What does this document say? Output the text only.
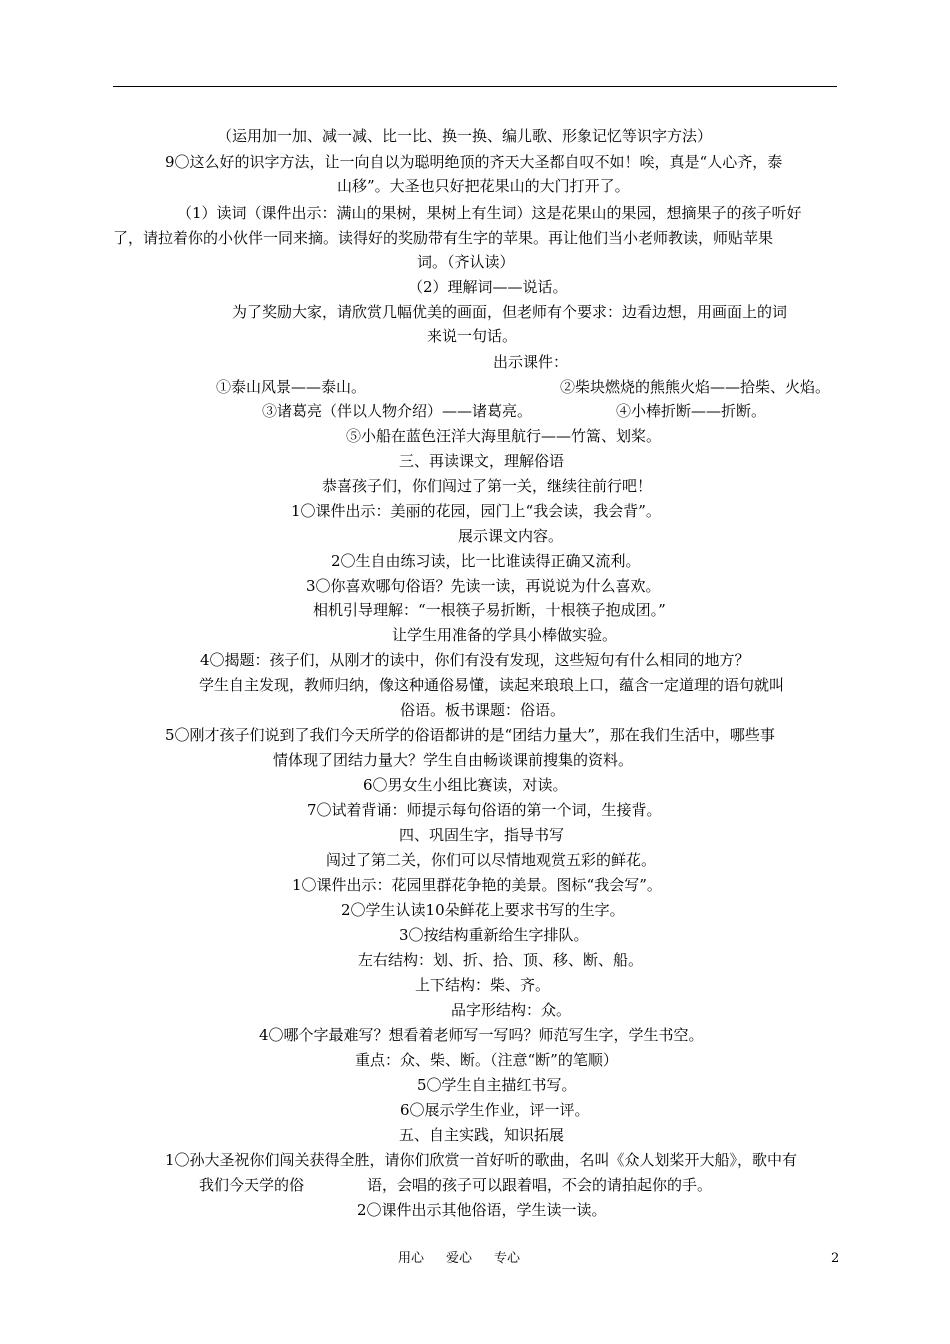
（运用加一加、减一减、比一比、换一换、编儿歌、形象记忆等识字方法）
9〇这么好的识字方法，让一向自以为聪明绝顶的齐天大圣都自叹不如！唉，真是“人心齐，泰
山移”。大圣也只好把花果山的大门打开了。
（1）读词（课件出示：满山的果树，果树上有生词）这是花果山的果园，想摘果子的孩子听好
了，请拉着你的小伙伴一同来摘。读得好的奖励带有生字的苹果。再让他们当小老师教读，师贴苹果
词。（齐认读）
（2）理解词——说话。
为了奖励大家，请欣赏几幅优美的画面，但老师有个要求：边看边想，用画面上的词
来说一句话。
出示课件：
①泰山风景——泰山。	②柴块燃烧的熊熊火焰——拾柴、火焰。
③诸葛亮（伴以人物介绍）——诸葛亮。	④小棒折断——折断。
⑤小船在蓝色汪洋大海里航行——竹篙、划桨。
三、再读课文，理解俗语
恭喜孩子们，你们闯过了第一关，继续往前行吧！
1〇课件出示：美丽的花园，园门上“我会读，我会背”。
展示课文内容。
2〇生自由练习读，比一比谁读得正确又流利。
3〇你喜欢哪句俗语？先读一读，再说说为什么喜欢。
相机引导理解：“一根筷子易折断，十根筷子抱成团。”
让学生用准备的学具小棒做实验。
4〇揭题：孩子们，从刚才的读中，你们有没有发现，这些短句有什么相同的地方？
学生自主发现，教师归纳，像这种通俗易懂，读起来琅琅上口，蕴含一定道理的语句就叫
俗语。板书课题：俗语。
5〇刚才孩子们说到了我们今天所学的俗语都讲的是“团结力量大”，那在我们生活中，哪些事
情体现了团结力量大？学生自由畅谈课前搜集的资料。
6〇男女生小组比赛读，对读。
7〇试着背诵：师提示每句俗语的第一个词，生接背。
四、巩固生字，指导书写
闯过了第二关，你们可以尽情地观赏五彩的鲜花。
1〇课件出示：花园里群花争艳的美景。图标“我会写”。
2〇学生认读10朵鲜花上要求书写的生字。
3〇按结构重新给生字排队。
左右结构：划、折、拾、顶、移、断、船。
上下结构：柴、齐。
品字形结构：众。
4〇哪个字最难写？想看着老师写一写吗？师范写生字，学生书空。
重点：众、柴、断。（注意“断”的笔顺）
5〇学生自主描红书写。
6〇展示学生作业，评一评。
五、自主实践，知识拓展
1〇孙大圣祝你们闯关获得全胜，请你们欣赏一首好听的歌曲，名叫《众人划桨开大船》，歌中有
我们今天学的俗	语，会唱的孩子可以跟着唱，不会的请拍起你的手。
2〇课件出示其他俗语，学生读一读。
用心 爱心 专心	2
